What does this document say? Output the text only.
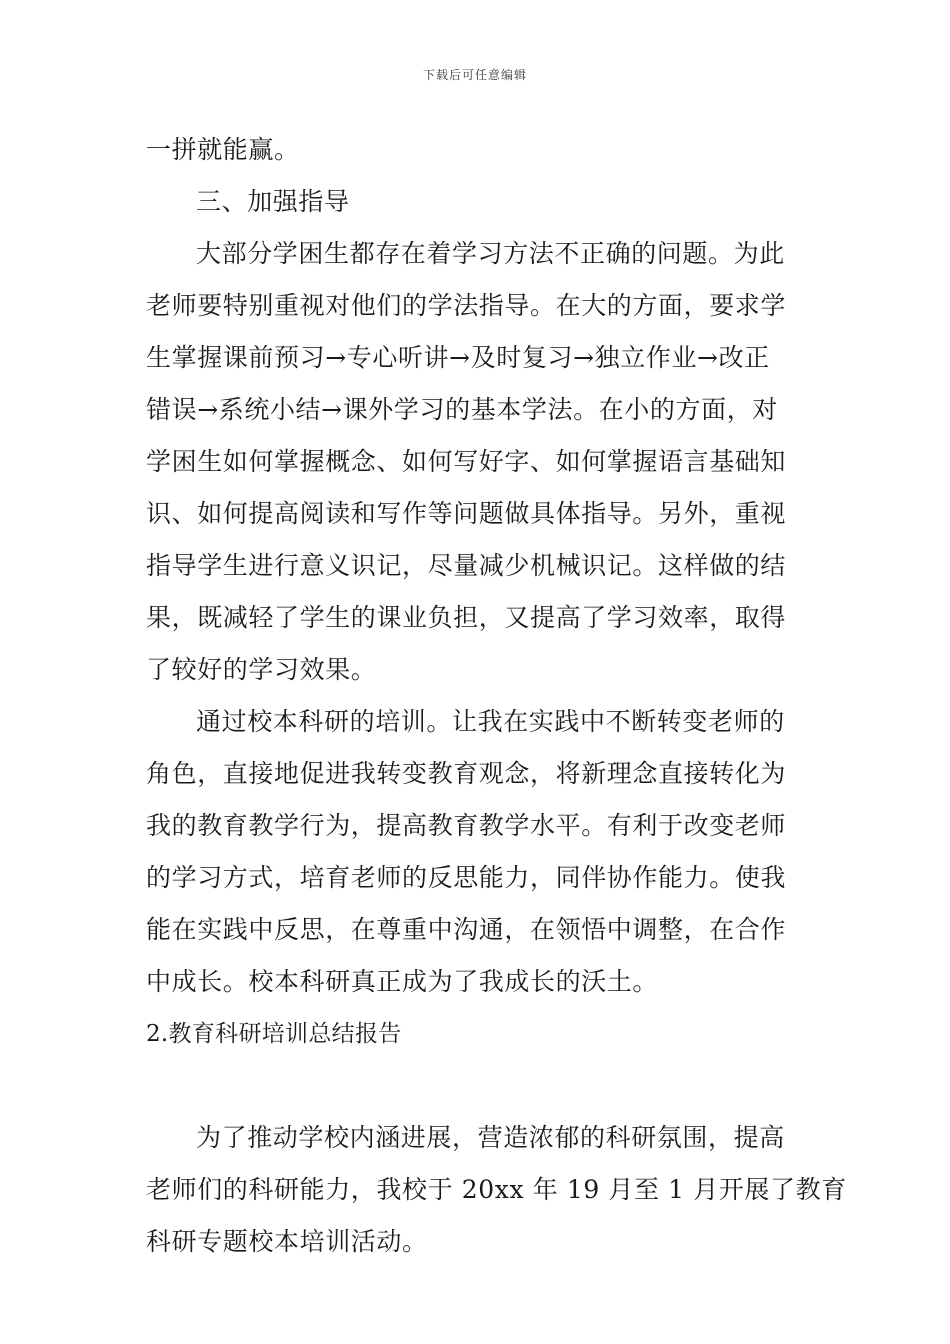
下载后可任意编辑
一拼就能赢。
三、加强指导
大部分学困生都存在着学习方法不正确的问题。为此
老师要特别重视对他们的学法指导。在大的方面，要求学
生掌握课前预习→专心听讲→及时复习→独立作业→改正
错误→系统小结→课外学习的基本学法。在小的方面，对
学困生如何掌握概念、如何写好字、如何掌握语言基础知
识、如何提高阅读和写作等问题做具体指导。另外，重视
指导学生进行意义识记，尽量减少机械识记。这样做的结
果，既减轻了学生的课业负担，又提高了学习效率，取得
了较好的学习效果。
通过校本科研的培训。让我在实践中不断转变老师的
角色，直接地促进我转变教育观念，将新理念直接转化为
我的教育教学行为，提高教育教学水平。有利于改变老师
的学习方式，培育老师的反思能力，同伴协作能力。使我
能在实践中反思，在尊重中沟通，在领悟中调整，在合作
中成长。校本科研真正成为了我成长的沃土。
2.教育科研培训总结报告
为了推动学校内涵进展，营造浓郁的科研氛围，提高
老师们的科研能力，我校于 20xx 年 19 月至 1 月开展了教育
科研专题校本培训活动。
